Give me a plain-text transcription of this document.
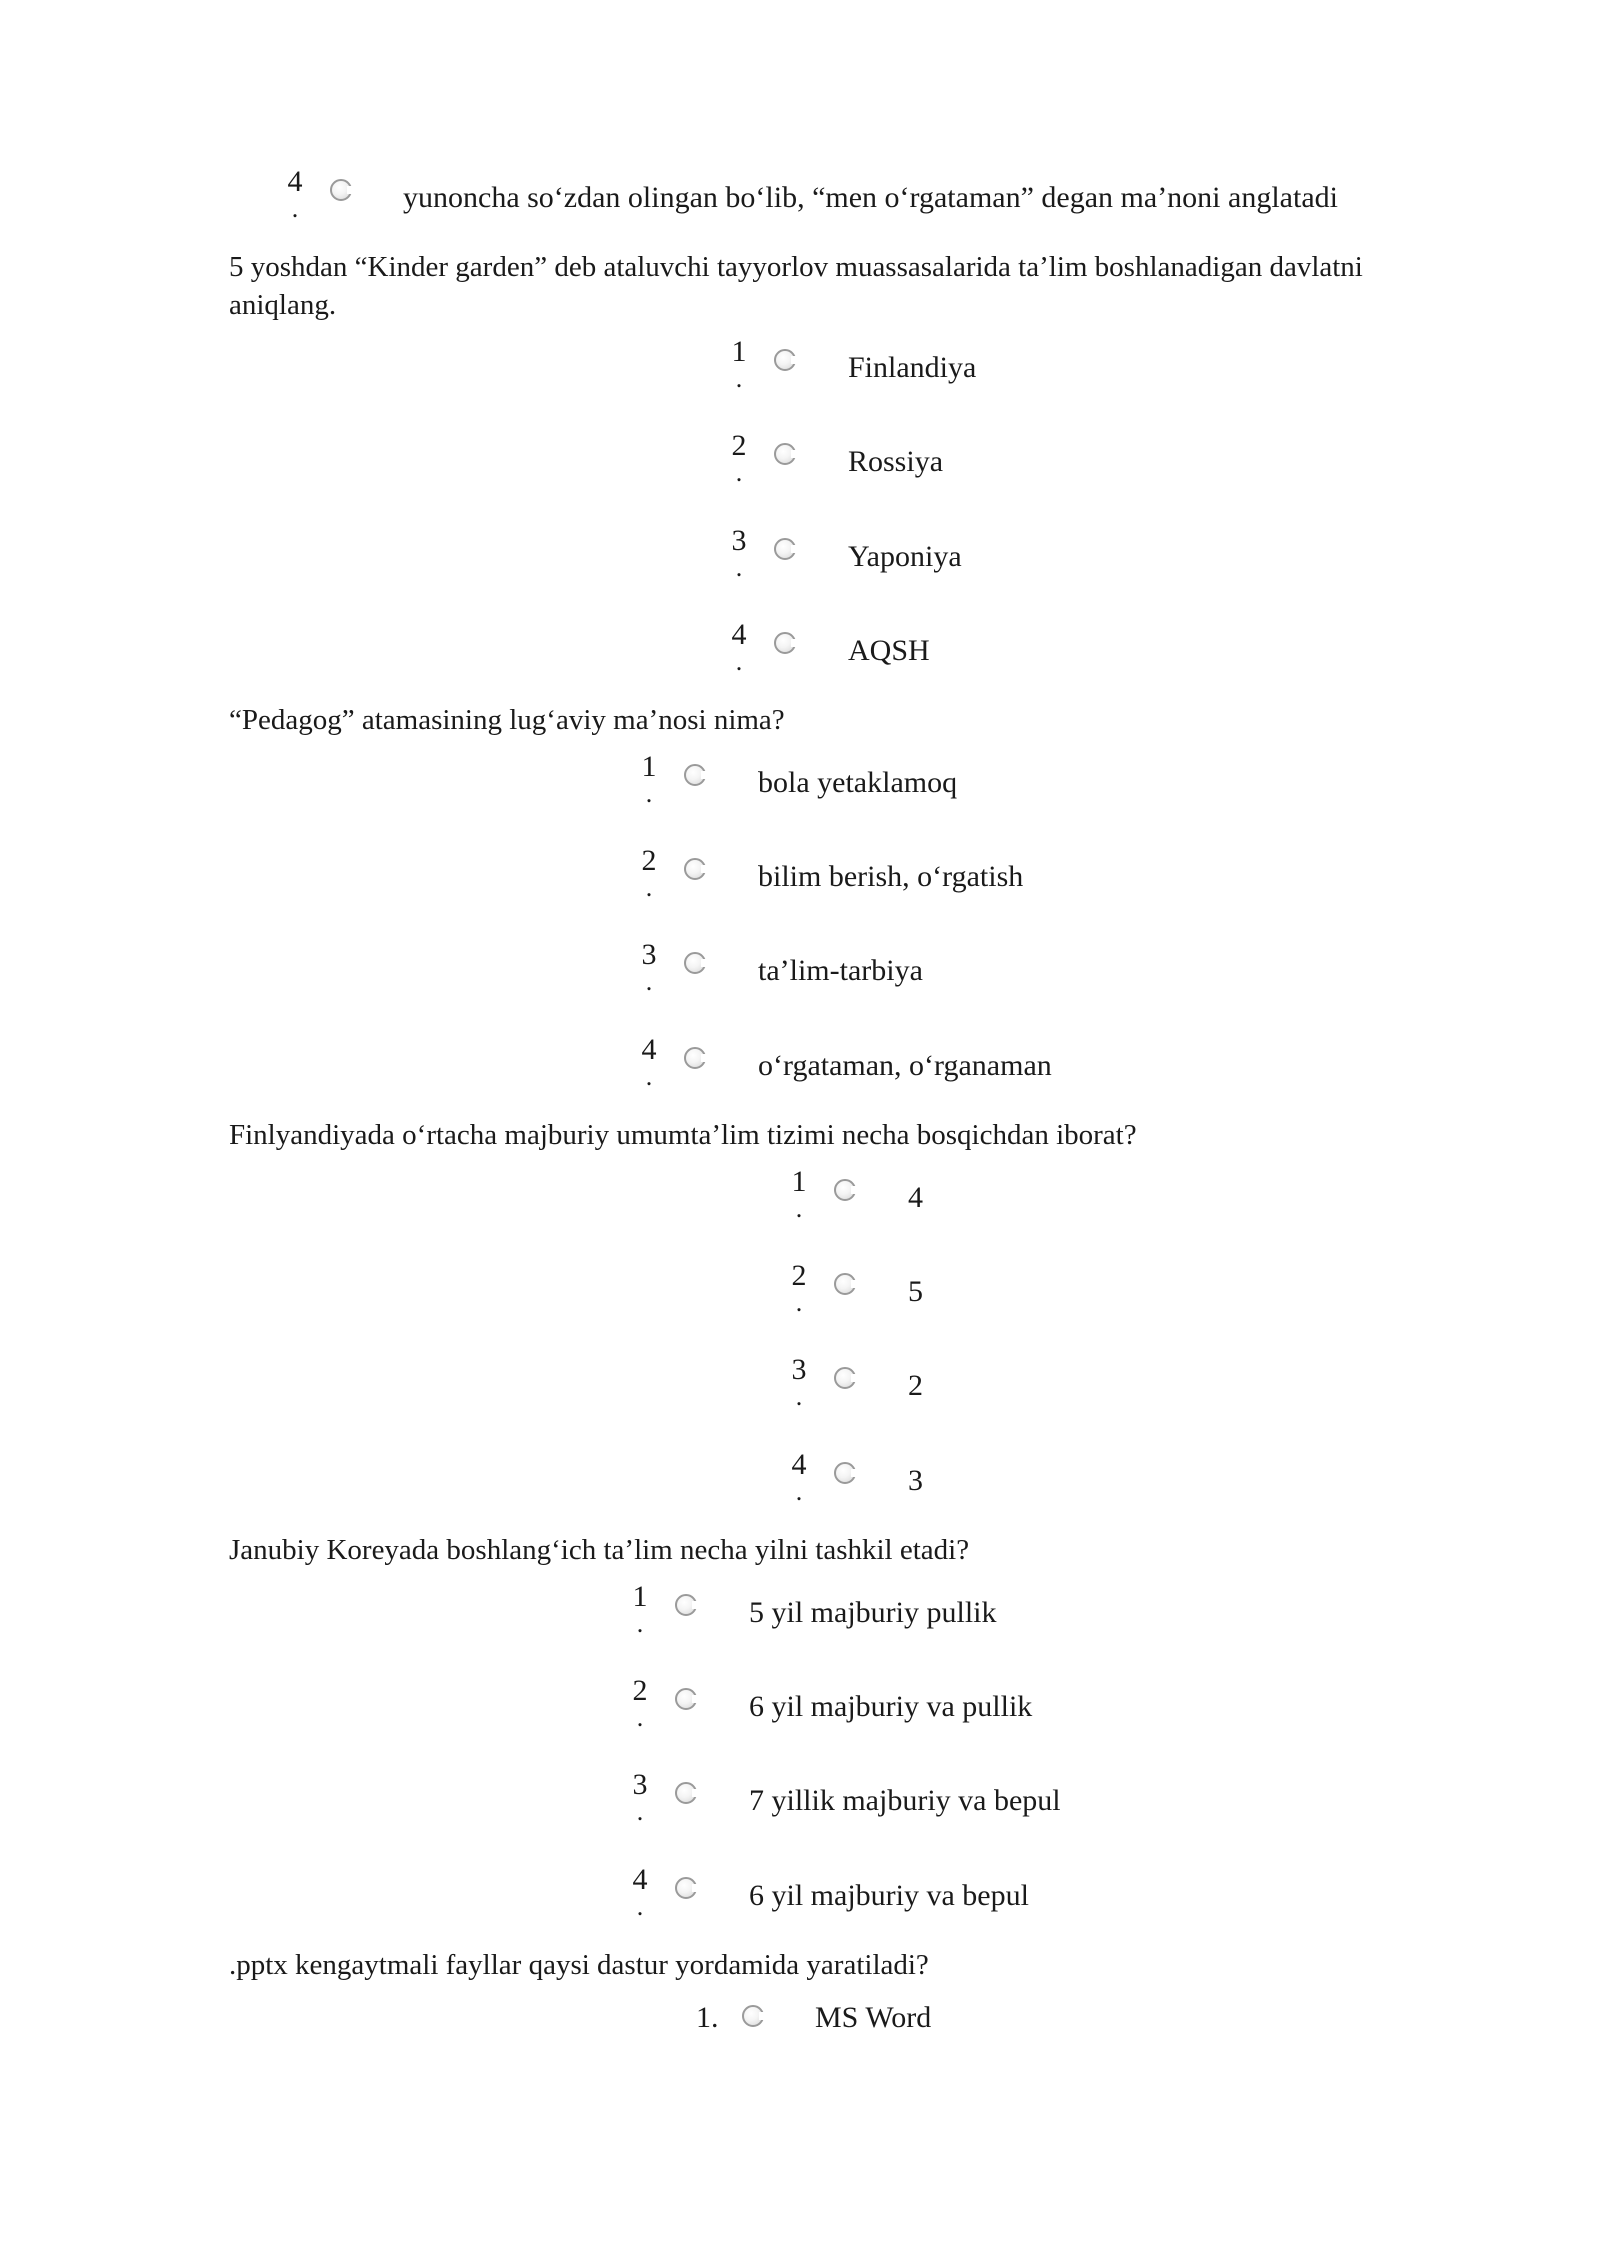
4
.	yunoncha so‘zdan olingan bo‘lib, “men o‘rgataman” degan ma’noni anglatadi
5 yoshdan “Kinder garden” deb ataluvchi tayyorlov muassasalarida ta’lim boshlanadigan davlatni aniqlang.
1
.	Finlandiya
2
.	Rossiya
3
.	Yaponiya
4
.	AQSH
“Pedagog” atamasining lug‘aviy ma’nosi nima?
1
.	bola yetaklamoq
2
.	bilim berish, o‘rgatish
3
.	ta’lim-tarbiya
4
.	o‘rgataman, o‘rganaman
Finlyandiyada o‘rtacha majburiy umumta’lim tizimi necha bosqichdan iborat?
1
.	4
2
.	5
3
.	2
4
.	3
Janubiy Koreyada boshlang‘ich ta’lim necha yilni tashkil etadi?
1
.	5 yil majburiy pullik
2
.	6 yil majburiy va pullik
3
.	7 yillik majburiy va bepul
4
.	6 yil majburiy va bepul
.pptx kengaytmali fayllar qaysi dastur yordamida yaratiladi?
1.	MS Word
